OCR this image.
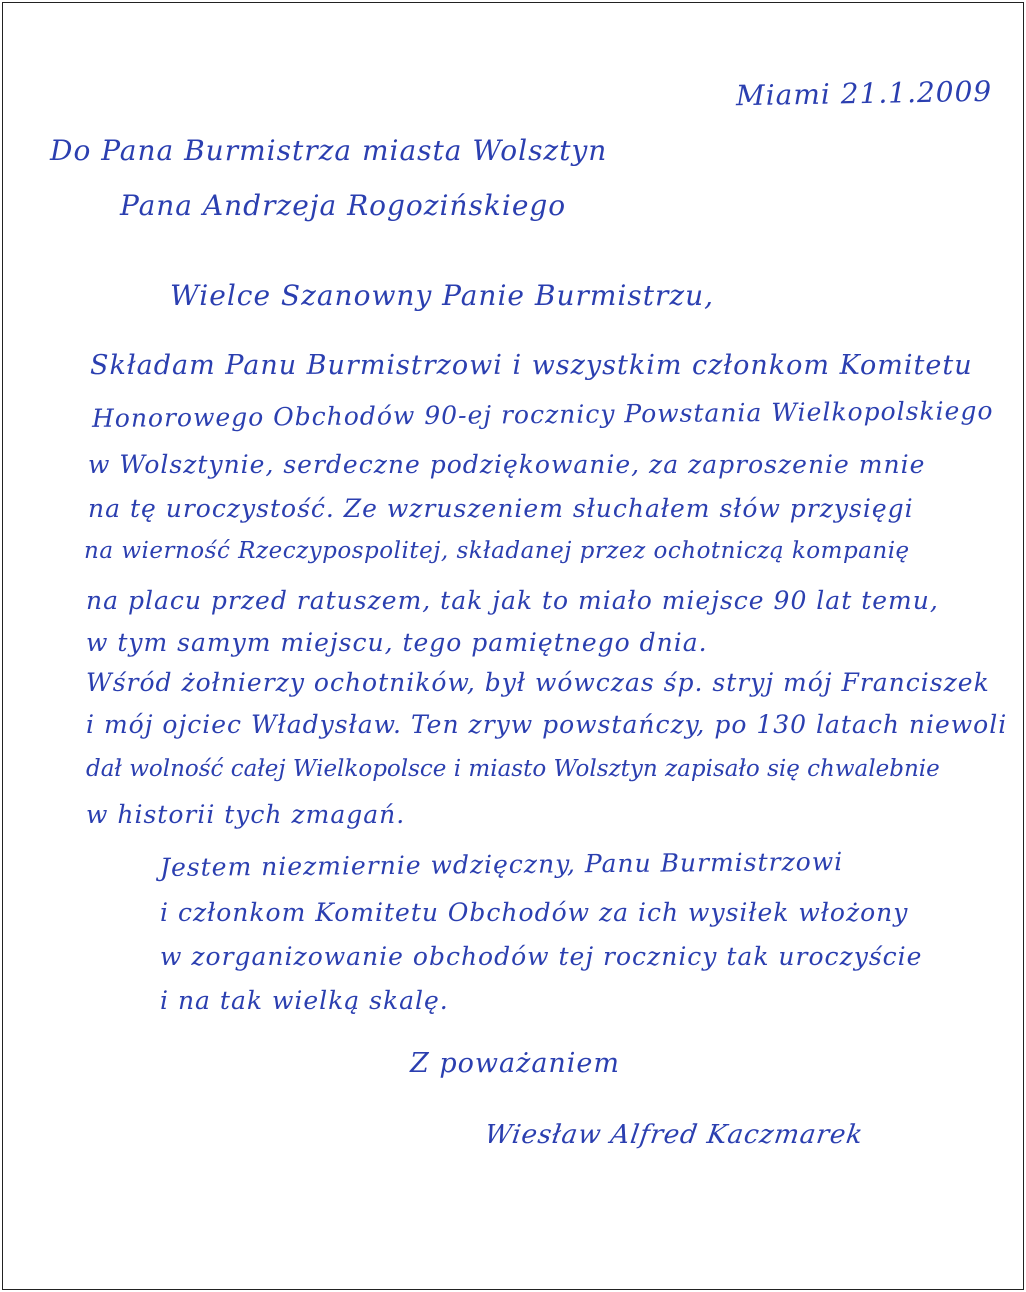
Miami 21.1.2009
Do Pana Burmistrza miasta Wolsztyn
Pana Andrzeja Rogozińskiego
Wielce Szanowny Panie Burmistrzu,
Składam Panu Burmistrzowi i wszystkim członkom Komitetu
Honorowego Obchodów 90-ej rocznicy Powstania Wielkopolskiego
w Wolsztynie, serdeczne podziękowanie, za zaproszenie mnie
na tę uroczystość. Ze wzruszeniem słuchałem słów przysięgi
na wierność Rzeczypospolitej, składanej przez ochotniczą kompanię
na placu przed ratuszem, tak jak to miało miejsce 90 lat temu,
w tym samym miejscu, tego pamiętnego dnia.
Wśród żołnierzy ochotników, był wówczas śp. stryj mój Franciszek
i mój ojciec Władysław. Ten zryw powstańczy, po 130 latach niewoli
dał wolność całej Wielkopolsce i miasto Wolsztyn zapisało się chwalebnie
w historii tych zmagań.
Jestem niezmiernie wdzięczny, Panu Burmistrzowi
i członkom Komitetu Obchodów za ich wysiłek włożony
w zorganizowanie obchodów tej rocznicy tak uroczyście
i na tak wielką skalę.
Z poważaniem
Wiesław Alfred Kaczmarek
